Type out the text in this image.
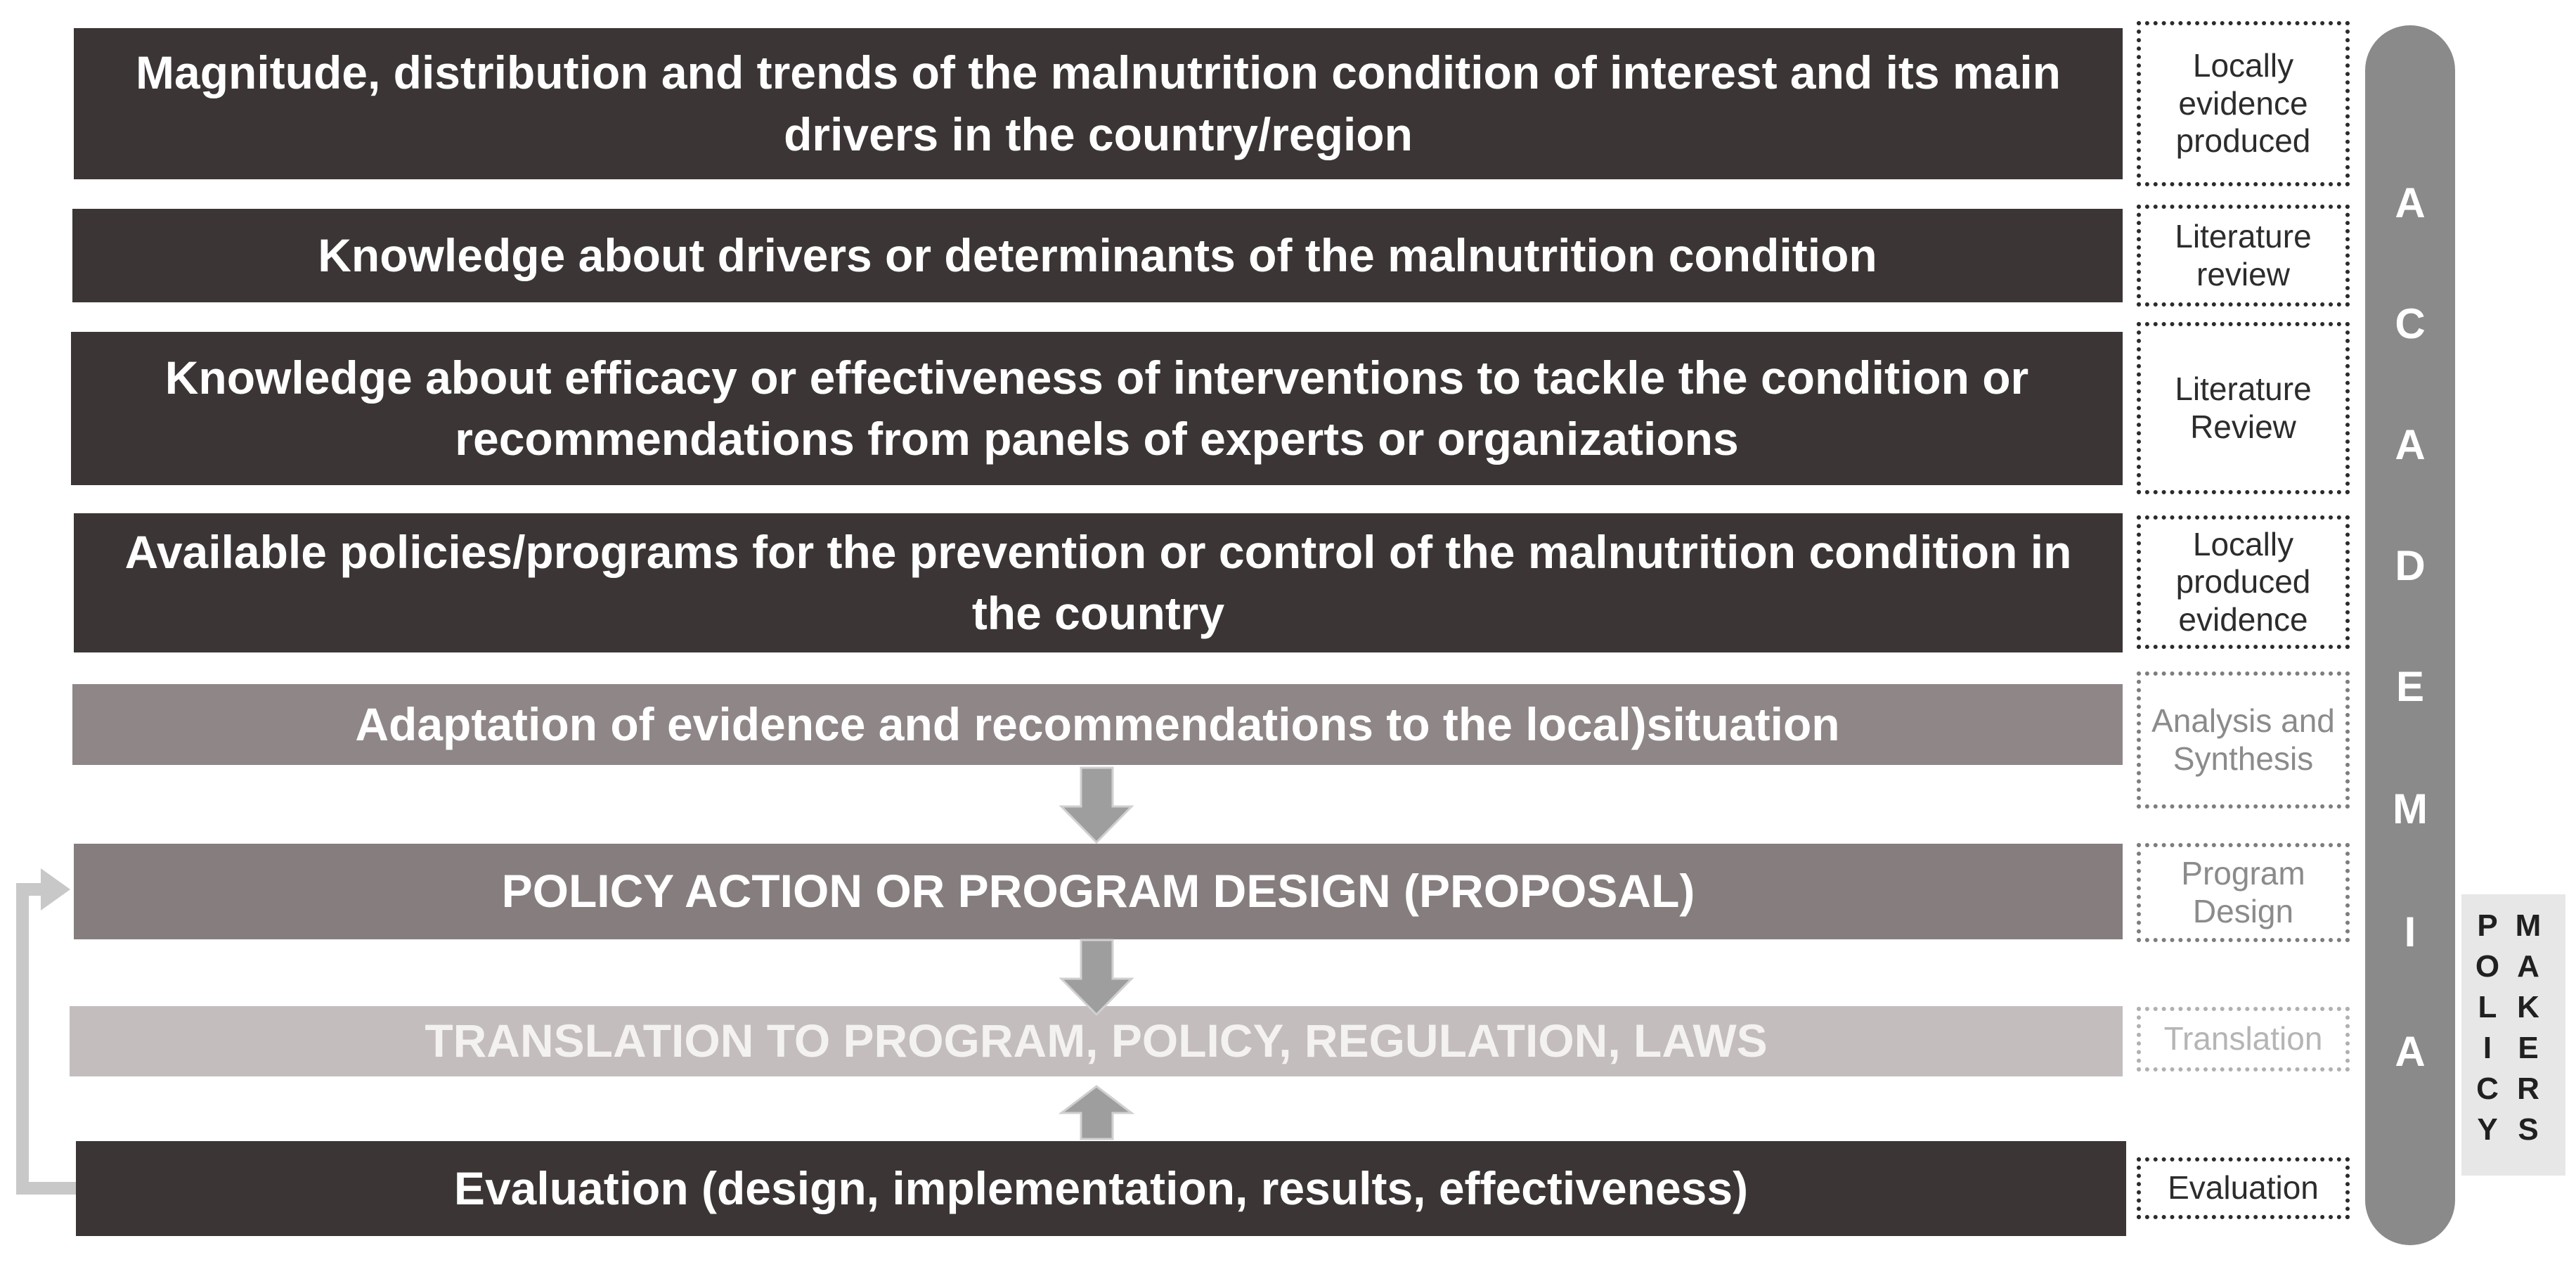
Magnitude, distribution and trends of the malnutrition condition of interest and its main drivers in the country/region
Knowledge about drivers or determinants of the malnutrition condition
Knowledge about efficacy or effectiveness of interventions to tackle the condition or recommendations from panels of experts or organizations
Available policies/programs for the prevention or control of the malnutrition condition in the country
Adaptation of evidence and recommendations to the local)situation
POLICY ACTION OR PROGRAM DESIGN (PROPOSAL)
TRANSLATION TO PROGRAM, POLICY, REGULATION, LAWS
Evaluation (design, implementation, results, effectiveness)
Locally evidence produced
Literature review
Literature Review
Locally produced evidence
Analysis and Synthesis
Program Design
Translation
Evaluation
A
C
A
D
E
M
I
A
P
O
L
I
C
Y
M
A
K
E
R
S
